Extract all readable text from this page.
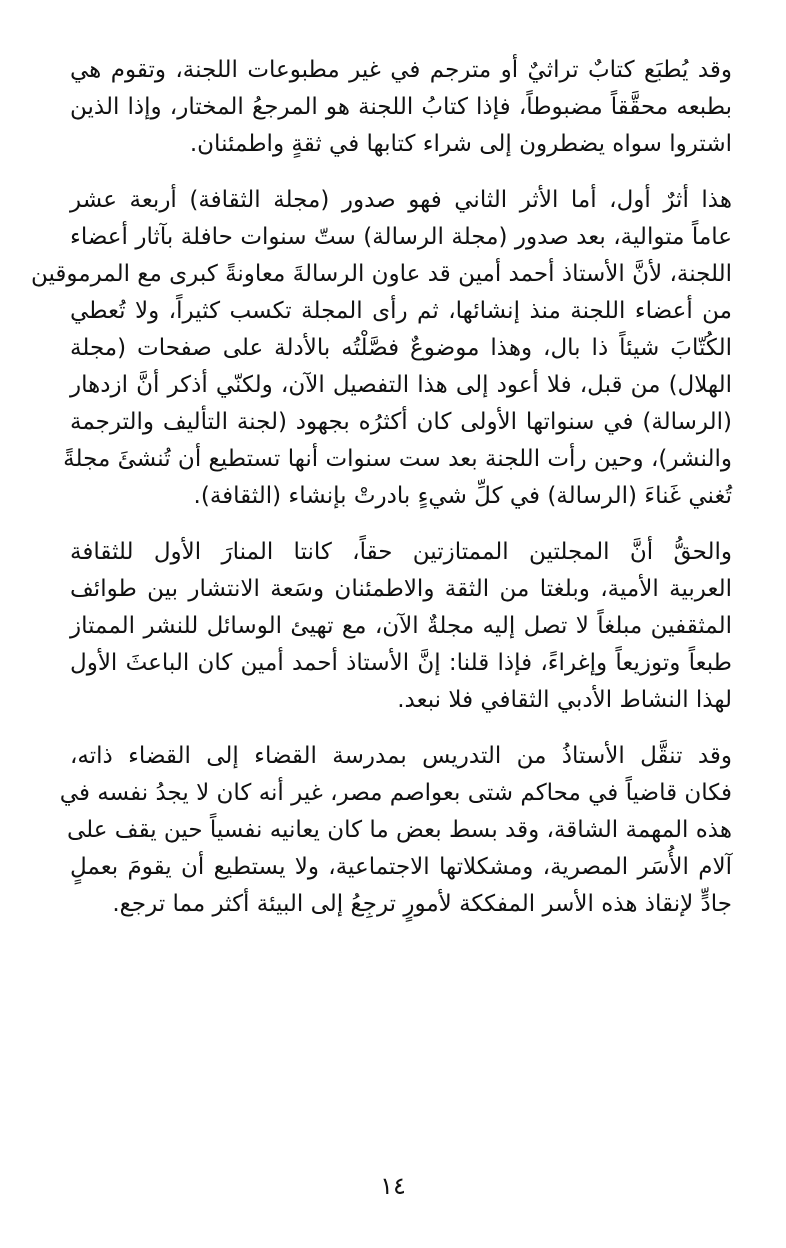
وقد يُطبَع كتابٌ تراثيٌ أو مترجم في غير مطبوعات اللجنة، وتقوم هي
بطبعه محقَّقاً مضبوطاً، فإذا كتابُ اللجنة هو المرجعُ المختار، وإذا الذين
اشتروا سواه يضطرون إلى شراء كتابها في ثقةٍ واطمئنان.
هذا أثرٌ أول، أما الأثر الثاني فهو صدور (مجلة الثقافة) أربعة عشر
عاماً متوالية، بعد صدور (مجلة الرسالة) ستّ سنوات حافلة بآثار أعضاء
اللجنة، لأنَّ الأستاذ أحمد أمين قد عاون الرسالةَ معاونةً كبرى مع المرموقين
من أعضاء اللجنة منذ إنشائها، ثم رأى المجلة تكسب كثيراً، ولا تُعطي
الكُتّابَ شيئاً ذا بال، وهذا موضوعٌ فصَّلْتُه بالأدلة على صفحات (مجلة
الهلال) من قبل، فلا أعود إلى هذا التفصيل الآن، ولكنّي أذكر أنَّ ازدهار
(الرسالة) في سنواتها الأولى كان أكثرُه بجهود (لجنة التأليف والترجمة
والنشر)، وحين رأت اللجنة بعد ست سنوات أنها تستطيع أن تُنشئَ مجلةً
تُغني غَناءَ (الرسالة) في كلِّ شيءٍ بادرتْ بإنشاء (الثقافة).
والحقُّ أنَّ المجلتين الممتازتين حقاً، كانتا المنارَ الأول للثقافة
العربية الأمية، وبلغتا من الثقة والاطمئنان وسَعة الانتشار بين طوائف
المثقفين مبلغاً لا تصل إليه مجلةٌ الآن، مع تهيئ الوسائل للنشر الممتاز
طبعاً وتوزيعاً وإغراءً، فإذا قلنا: إنَّ الأستاذ أحمد أمين كان الباعثَ الأول
لهذا النشاط الأدبي الثقافي فلا نبعد.
وقد تنقَّل الأستاذُ من التدريس بمدرسة القضاء إلى القضاء ذاته،
فكان قاضياً في محاكم شتى بعواصم مصر، غير أنه كان لا يجدُ نفسه في
هذه المهمة الشاقة، وقد بسط بعض ما كان يعانيه نفسياً حين يقف على
آلام الأُسَر المصرية، ومشكلاتها الاجتماعية، ولا يستطيع أن يقومَ بعملٍ
جادٍّ لإنقاذ هذه الأسر المفككة لأمورٍ ترجِعُ إلى البيئة أكثر مما ترجع.
١٤
